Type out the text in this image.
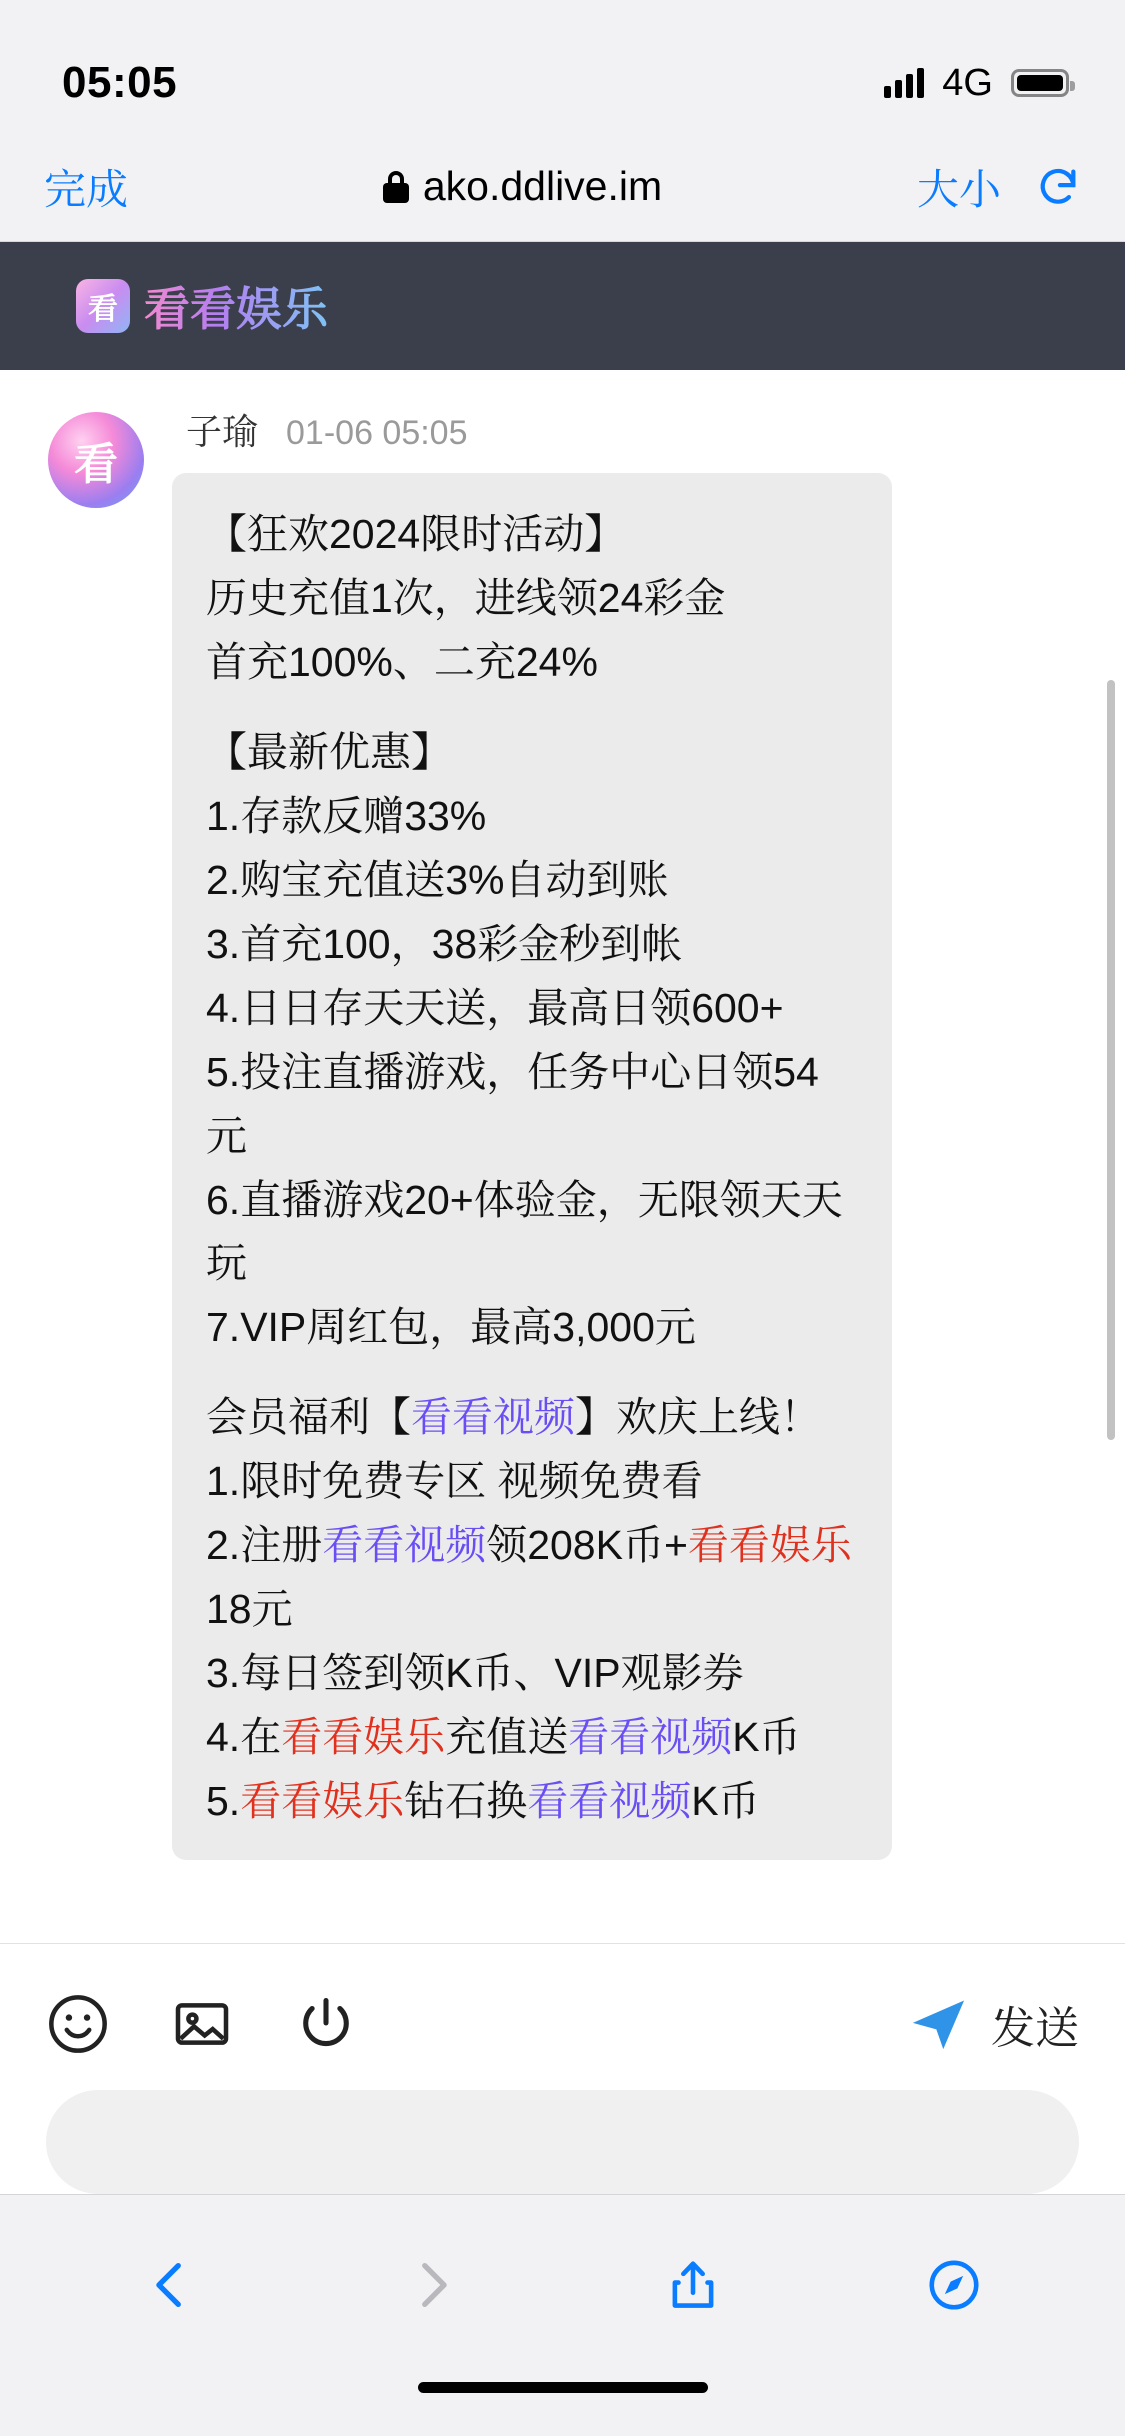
05:05	4G
完成	ako.ddlive.im	大小
看 看看娱乐
看
子瑜 01-06 05:05

【狂欢2024限时活动】

历史充值1次，进线领24彩金

首充100%、二充24%

【最新优惠】

1.存款反赠33%

2.购宝充值送3%自动到账

3.首充100，38彩金秒到帐

4.日日存天天送，最高日领600+

5.投注直播游戏，任务中心日领54元

6.直播游戏20+体验金，无限领天天玩

7.VIP周红包，最高3,000元

会员福利【看看视频】欢庆上线！

1.限时免费专区 视频免费看

2.注册看看视频领208K币+看看娱乐18元

3.每日签到领K币、VIP观影券

4.在看看娱乐充值送看看视频K币

5.看看娱乐钻石换看看视频K币

发送
